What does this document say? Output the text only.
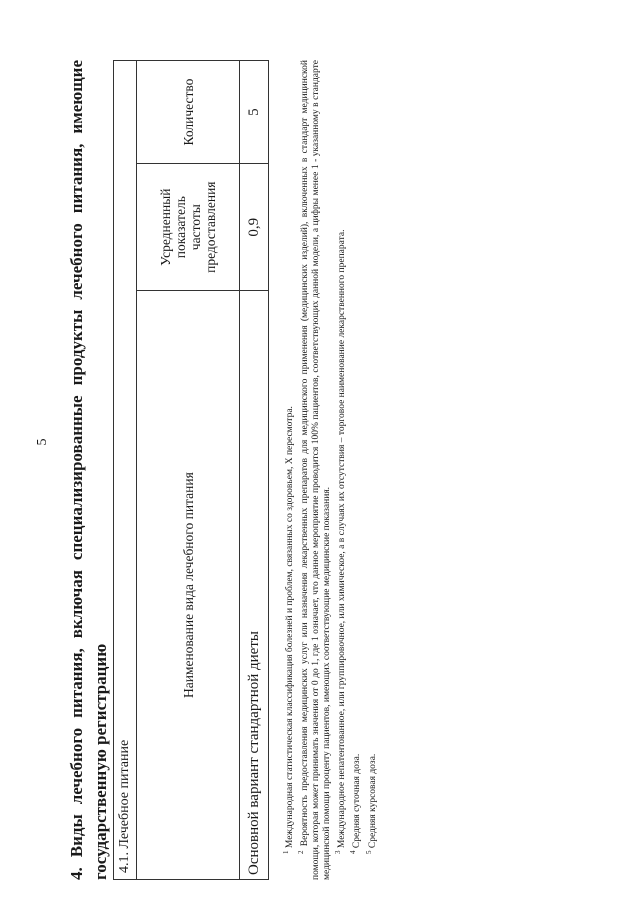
5 4. Виды лечебного питания, включая специализированные продукты лечебного питания, имеющие государственную регистрацию 4.1. Лечебное питание		
Наименование вида лечебного питания	Усредненный показатель частоты предоставления	Количество
Основной вариант стандартной диеты	0,9	5

$^1$ Международная статистическая классификация болезней и проблем, связанных со здоровьем, X пересмотра.

$^2$ Вероятность предоставления медицинских услуг или назначения лекарственных препаратов для медицинского применения (медицинских изделий), включенных в стандарт медицинской помощи, которая может принимать значения от 0 до 1, где 1 означает, что данное мероприятие проводится 100% пациентов, соответствующих данной модели, а цифры менее 1 - указанному в стандарте медицинской помощи проценту пациентов, имеющих соответствующие медицинские показания. $^3$ Международное непатентованное, или группировочное, или химическое, а в случаях их отсутствия – торговое наименование лекарственного препарата.

$^4$ Средняя суточная доза.

$^5$ Средняя курсовая доза.
